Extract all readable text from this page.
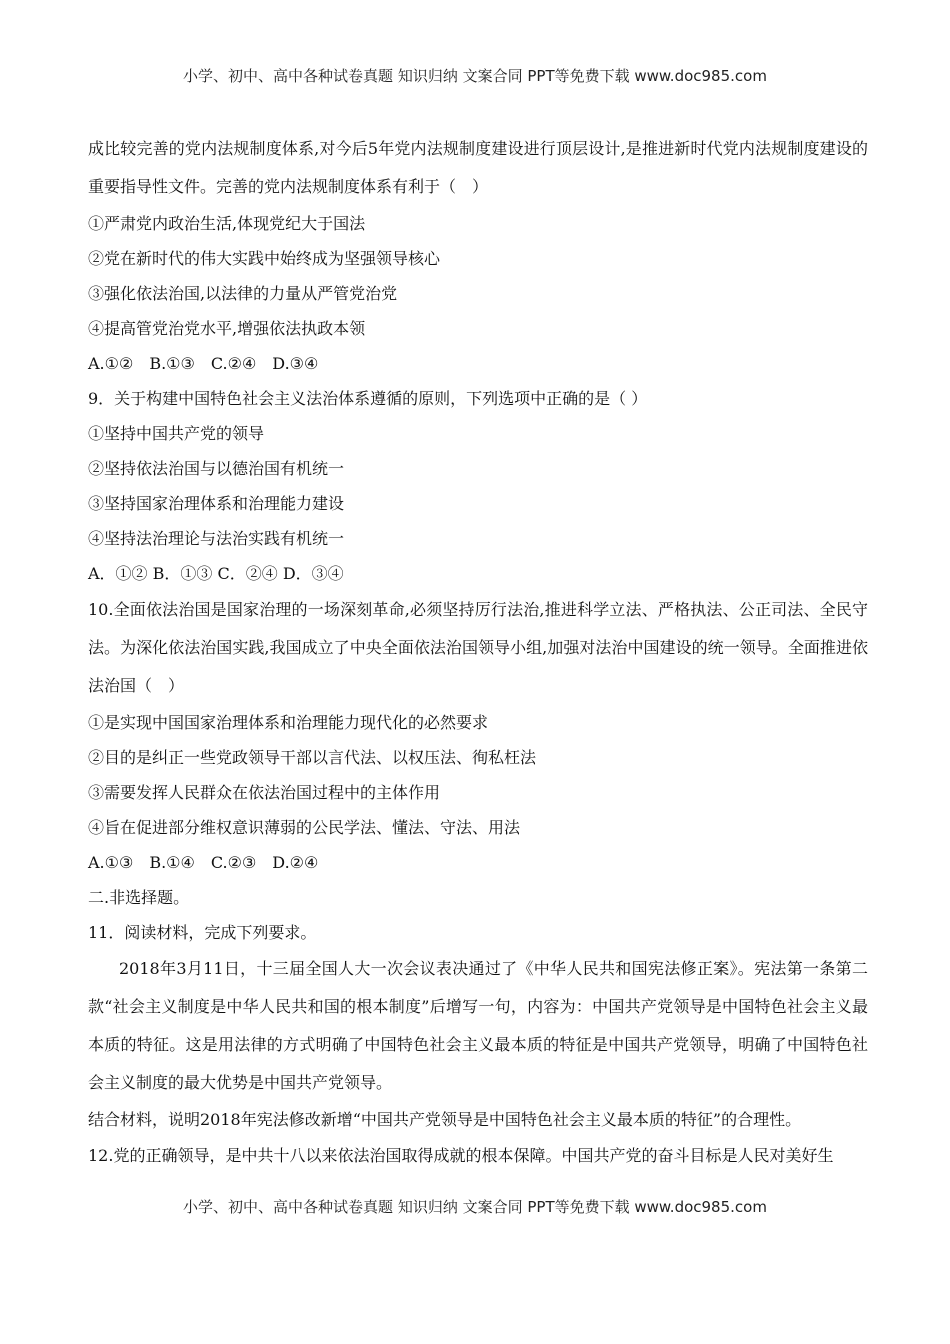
小学、初中、高中各种试卷真题 知识归纳 文案合同 PPT等免费下载 www.doc985.com
成比较完善的党内法规制度体系,对今后5年党内法规制度建设进行顶层设计,是推进新时代党内法规制度建设的重要指导性文件。完善的党内法规制度体系有利于（　）
①严肃党内政治生活,体现党纪大于国法
②党在新时代的伟大实践中始终成为坚强领导核心
③强化依法治国,以法律的力量从严管党治党
④提高管党治党水平,增强依法执政本领
A.①②　B.①③　C.②④　D.③④
9．关于构建中国特色社会主义法治体系遵循的原则，下列选项中正确的是（ ）
①坚持中国共产党的领导
②坚持依法治国与以德治国有机统一
③坚持国家治理体系和治理能力建设
④坚持法治理论与法治实践有机统一
A．①② B．①③ C．②④ D．③④
10.全面依法治国是国家治理的一场深刻革命,必须坚持厉行法治,推进科学立法、严格执法、公正司法、全民守法。为深化依法治国实践,我国成立了中央全面依法治国领导小组,加强对法治中国建设的统一领导。全面推进依法治国（　）
①是实现中国国家治理体系和治理能力现代化的必然要求
②目的是纠正一些党政领导干部以言代法、以权压法、徇私枉法
③需要发挥人民群众在依法治国过程中的主体作用
④旨在促进部分维权意识薄弱的公民学法、懂法、守法、用法
A.①③　B.①④　C.②③　D.②④
二.非选择题。
11．阅读材料，完成下列要求。
2018年3月11日，十三届全国人大一次会议表决通过了《中华人民共和国宪法修正案》。宪法第一条第二款“社会主义制度是中华人民共和国的根本制度”后增写一句，内容为：中国共产党领导是中国特色社会主义最本质的特征。这是用法律的方式明确了中国特色社会主义最本质的特征是中国共产党领导，明确了中国特色社会主义制度的最大优势是中国共产党领导。
结合材料，说明2018年宪法修改新增“中国共产党领导是中国特色社会主义最本质的特征”的合理性。
12.党的正确领导，是中共十八以来依法治国取得成就的根本保障。中国共产党的奋斗目标是人民对美好生
小学、初中、高中各种试卷真题 知识归纳 文案合同 PPT等免费下载 www.doc985.com
